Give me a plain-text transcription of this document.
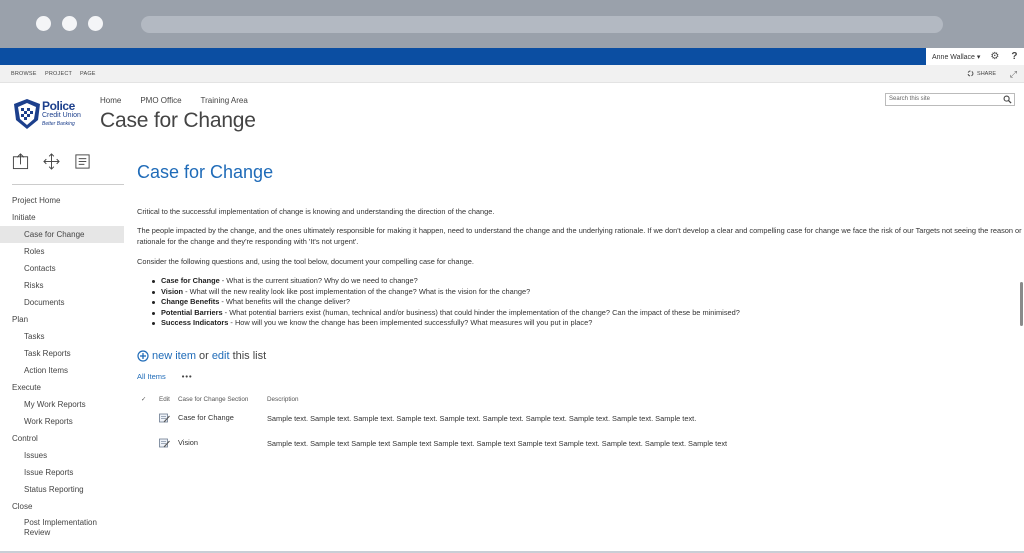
Anne Wallace ▾ ⚙ ?
BROWSE PROJECT PAGE	SHARE ⤢
Police
Credit Union
Better Banking
Home PMO Office Training Area
Case for Change
Search this site
Project Home
Initiate
Case for Change
Roles
Contacts
Risks
Documents
Plan
Tasks
Task Reports
Action Items
Execute
My Work Reports
Work Reports
Control
Issues
Issue Reports
Status Reporting
Close
Post Implementation Review
Case for Change

Critical to the successful implementation of change is knowing and understanding the direction of the change.

The people impacted by the change, and the ones ultimately responsible for making it happen, need to understand the change and the underlying rationale. If we don't develop a clear and compelling case for change we face the risk of our Targets not seeing the reason or rationale for the change and they're responding with 'It's not urgent'.

Consider the following questions and, using the tool below, document your compelling case for change.

Case for Change - What is the current situation? Why do we need to change?
Vision - What will the new reality look like post implementation of the change? What is the vision for the change?
Change Benefits - What benefits will the change deliver?
Potential Barriers - What potential barriers exist (human, technical and/or business) that could hinder the implementation of the change? Can the impact of these be minimised?
Success Indicators - How will you we know the change has been implemented successfully? What measures will you put in place?
new item or edit this list
All Items •••
✓ Edit Case for Change Section	Description
Case for Change	Sample text. Sample text. Sample text. Sample text. Sample text. Sample text. Sample text. Sample text. Sample text. Sample text.
Vision	Sample text. Sample text Sample text Sample text Sample text. Sample text Sample text Sample text. Sample text. Sample text. Sample text
